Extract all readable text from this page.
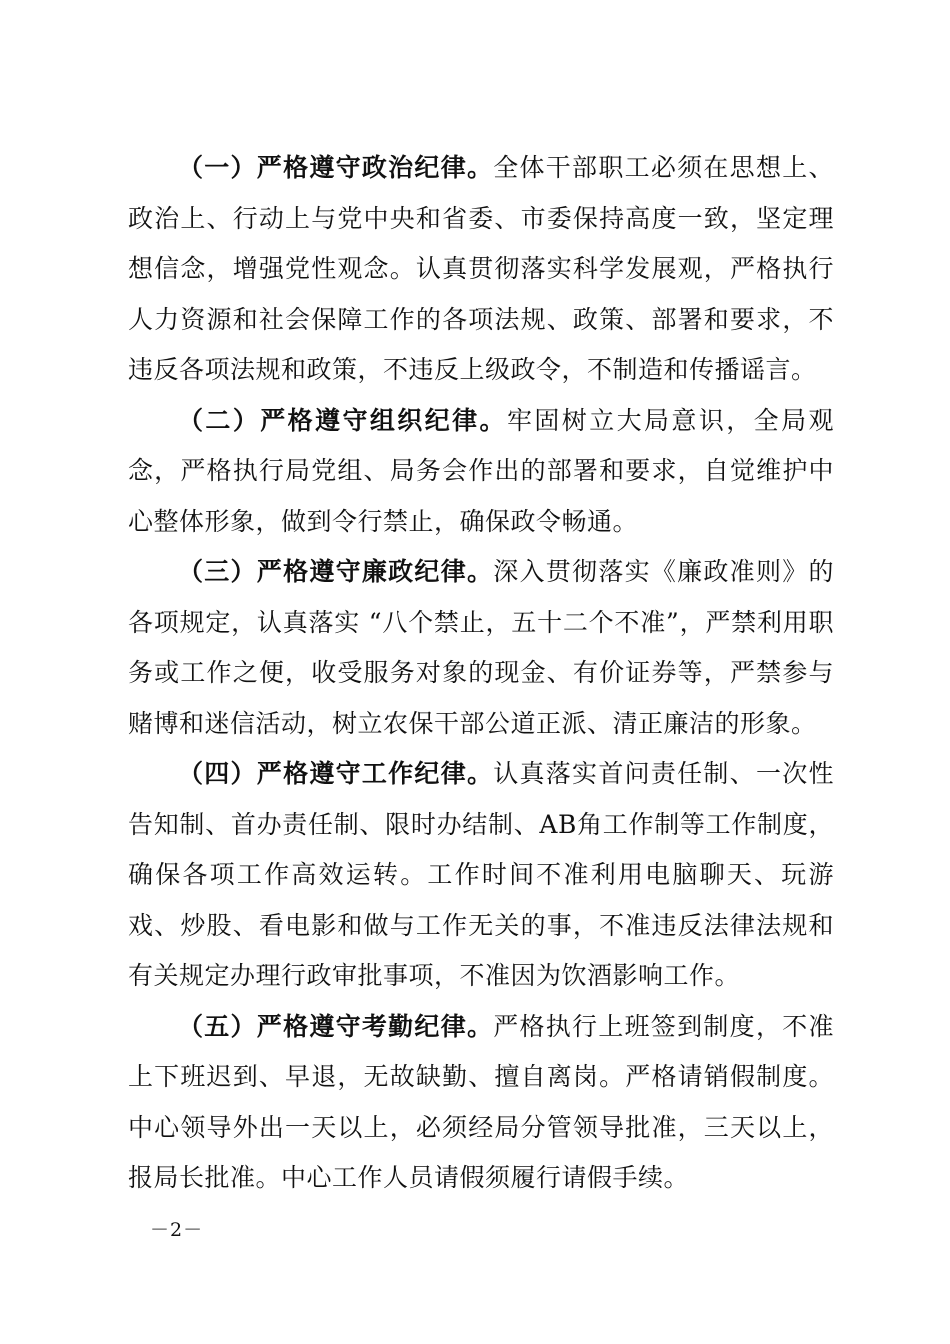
（一）严格遵守政治纪律。全体干部职工必须在思想上、政治上、行动上与党中央和省委、市委保持高度一致，坚定理想信念，增强党性观念。认真贯彻落实科学发展观，严格执行人力资源和社会保障工作的各项法规、政策、部署和要求，不违反各项法规和政策，不违反上级政令，不制造和传播谣言。

（二）严格遵守组织纪律。牢固树立大局意识，全局观念，严格执行局党组、局务会作出的部署和要求，自觉维护中心整体形象，做到令行禁止，确保政令畅通。

（三）严格遵守廉政纪律。深入贯彻落实《廉政准则》的各项规定，认真落实 “八个禁止，五十二个不准”，严禁利用职务或工作之便，收受服务对象的现金、有价证券等，严禁参与赌博和迷信活动，树立农保干部公道正派、清正廉洁的形象。

（四）严格遵守工作纪律。认真落实首问责任制、一次性告知制、首办责任制、限时办结制、AB角工作制等工作制度，确保各项工作高效运转。工作时间不准利用电脑聊天、玩游戏、炒股、看电影和做与工作无关的事，不准违反法律法规和有关规定办理行政审批事项，不准因为饮酒影响工作。

（五）严格遵守考勤纪律。严格执行上班签到制度，不准上下班迟到、早退，无故缺勤、擅自离岗。严格请销假制度。中心领导外出一天以上，必须经局分管领导批准，三天以上，报局长批准。中心工作人员请假须履行请假手续。

－2－
